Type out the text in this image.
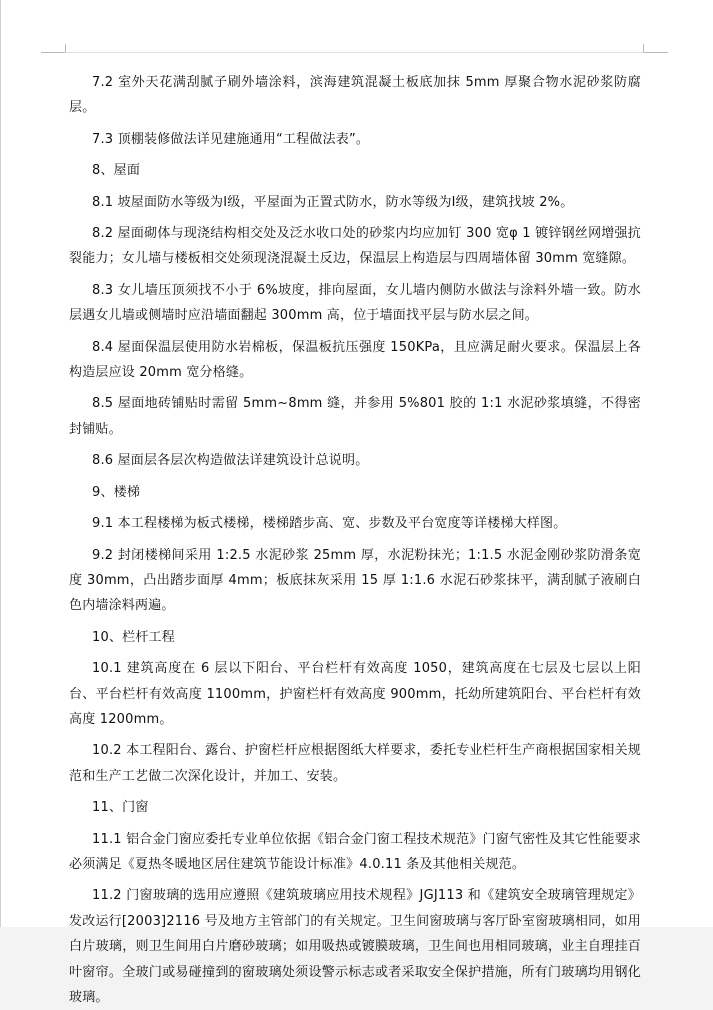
7.2 室外天花满刮腻子刷外墙涂料，滨海建筑混凝土板底加抹 5mm 厚聚合物水泥砂浆防腐层。

7.3 顶棚装修做法详见建施通用“工程做法表”。

8、屋面

8.1 坡屋面防水等级为Ⅰ级，平屋面为正置式防水，防水等级为Ⅰ级，建筑找坡 2%。

8.2 屋面砌体与现浇结构相交处及泛水收口处的砂浆内均应加钉 300 宽φ 1 镀锌钢丝网增强抗裂能力；女儿墙与楼板相交处须现浇混凝土反边，保温层上构造层与四周墙体留 30mm 宽缝隙。

8.3 女儿墙压顶须找不小于 6%坡度，排向屋面，女儿墙内侧防水做法与涂料外墙一致。防水层遇女儿墙或侧墙时应沿墙面翻起 300mm 高，位于墙面找平层与防水层之间。

8.4 屋面保温层使用防水岩棉板，保温板抗压强度 150KPa，且应满足耐火要求。保温层上各构造层应设 20mm 宽分格缝。

8.5 屋面地砖铺贴时需留 5mm~8mm 缝，并参用 5%801 胶的 1:1 水泥砂浆填缝，不得密封铺贴。

8.6 屋面层各层次构造做法详建筑设计总说明。

9、楼梯

9.1 本工程楼梯为板式楼梯，楼梯踏步高、宽、步数及平台宽度等详楼梯大样图。

9.2 封闭楼梯间采用 1:2.5 水泥砂浆 25mm 厚，水泥粉抹光；1:1.5 水泥金刚砂浆防滑条宽度 30mm，凸出踏步面厚 4mm；板底抹灰采用 15 厚 1:1.6 水泥石砂浆抹平，满刮腻子液刷白色内墙涂料两遍。

10、栏杆工程

10.1 建筑高度在 6 层以下阳台、平台栏杆有效高度 1050，建筑高度在七层及七层以上阳台、平台栏杆有效高度 1100mm，护窗栏杆有效高度 900mm，托幼所建筑阳台、平台栏杆有效高度 1200mm。

10.2 本工程阳台、露台、护窗栏杆应根据图纸大样要求，委托专业栏杆生产商根据国家相关规范和生产工艺做二次深化设计，并加工、安装。

11、门窗

11.1 铝合金门窗应委托专业单位依据《铝合金门窗工程技术规范》门窗气密性及其它性能要求必须满足《夏热冬暖地区居住建筑节能设计标准》4.0.11 条及其他相关规范。

11.2 门窗玻璃的选用应遵照《建筑玻璃应用技术规程》JGJ113 和《建筑安全玻璃管理规定》发改运行[2003]2116 号及地方主管部门的有关规定。卫生间窗玻璃与客厅卧室窗玻璃相同，如用白片玻璃，则卫生间用白片磨砂玻璃；如用吸热或镀膜玻璃，卫生间也用相同玻璃，业主自理挂百叶窗帘。全玻门或易碰撞到的窗玻璃处须设警示标志或者采取安全保护措施，所有门玻璃均用钢化玻璃。
